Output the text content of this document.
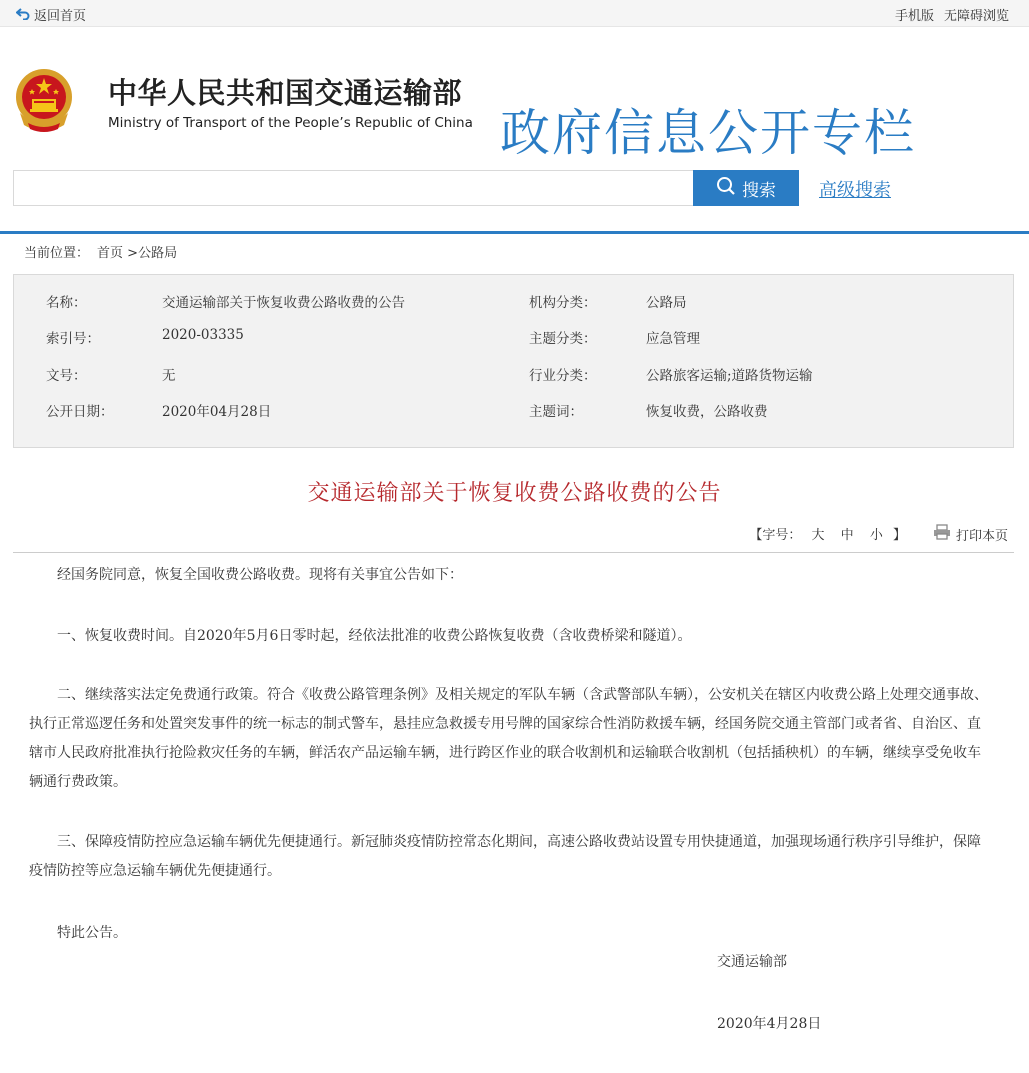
返回首页	手机版 无障碍浏览
中华人民共和国交通运输部
Ministry of Transport of the People’s Republic of China 政府信息公开专栏
搜索 高级搜索
当前位置： 首页 >公路局
名称：	交通运输部关于恢复收费公路收费的公告	机构分类：	公路局
索引号：	2020-03335	主题分类：	应急管理
文号：	无	行业分类：	公路旅客运输;道路货物运输
公开日期：	2020年04月28日	主题词：	恢复收费，公路收费
交通运输部关于恢复收费公路收费的公告
【字号： 大 中 小 】	打印本页

经国务院同意，恢复全国收费公路收费。现将有关事宜公告如下：

一、恢复收费时间。自2020年5月6日零时起，经依法批准的收费公路恢复收费（含收费桥梁和隧道）。

二、继续落实法定免费通行政策。符合《收费公路管理条例》及相关规定的军队车辆（含武警部队车辆），公安机关在辖区内收费公路上处理交通事故、执行正常巡逻任务和处置突发事件的统一标志的制式警车，悬挂应急救援专用号牌的国家综合性消防救援车辆，经国务院交通主管部门或者省、自治区、直辖市人民政府批准执行抢险救灾任务的车辆，鲜活农产品运输车辆，进行跨区作业的联合收割机和运输联合收割机（包括插秧机）的车辆，继续享受免收车辆通行费政策。

三、保障疫情防控应急运输车辆优先便捷通行。新冠肺炎疫情防控常态化期间，高速公路收费站设置专用快捷通道，加强现场通行秩序引导维护，保障疫情防控等应急运输车辆优先便捷通行。

特此公告。

交通运输部
2020年4月28日
